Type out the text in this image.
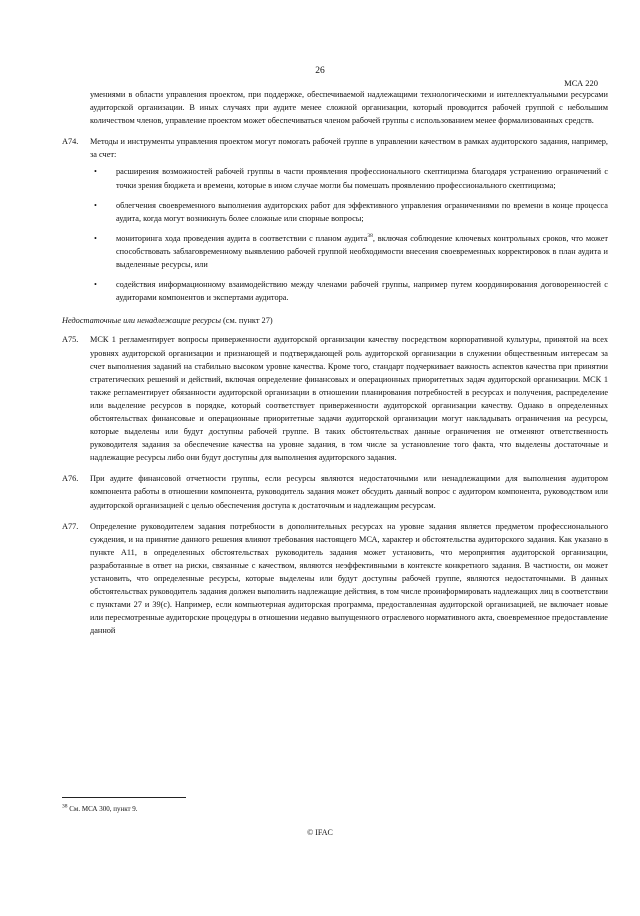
26
МСА 220

умениями в области управления проектом, при поддержке, обеспечиваемой надлежащими технологическими и интеллектуальными ресурсами аудиторской организации. В иных случаях при аудите менее сложной организации, который проводится рабочей группой с небольшим количеством членов, управление проектом может обеспечиваться членом рабочей группы с использованием менее формализованных средств.

A74. Методы и инструменты управления проектом могут помогать рабочей группе в управлении качеством в рамках аудиторского задания, например, за счет:

• расширения возможностей рабочей группы в части проявления профессионального скептицизма благодаря устранению ограничений с точки зрения бюджета и времени, которые в ином случае могли бы помешать проявлению профессионального скептицизма;

• облегчения своевременного выполнения аудиторских работ для эффективного управления ограничениями по времени в конце процесса аудита, когда могут возникнуть более сложные или спорные вопросы;

• мониторинга хода проведения аудита в соответствии с планом аудита$^{38}$, включая соблюдение ключевых контрольных сроков, что может способствовать заблаговременному выявлению рабочей группой необходимости внесения своевременных корректировок в план аудита и выделенные ресурсы, или

• содействия информационному взаимодействию между членами рабочей группы, например путем координирования договоренностей с аудиторами компонентов и экспертами аудитора.

Недостаточные или ненадлежащие ресурсы (см. пункт 27)
A75. МСК 1 регламентирует вопросы приверженности аудиторской организации качеству посредством корпоративной культуры, принятой на всех уровнях аудиторской организации и признающей и подтверждающей роль аудиторской организации в служении общественным интересам за счет выполнения заданий на стабильно высоком уровне качества. Кроме того, стандарт подчеркивает важность аспектов качества при принятии стратегических решений и действий, включая определение финансовых и операционных приоритетных задач аудиторской организации. МСК 1 также регламентирует обязанности аудиторской организации в отношении планирования потребностей в ресурсах и получения, распределение или выделение ресурсов в порядке, который соответствует приверженности аудиторской организации качеству. Однако в определенных обстоятельствах финансовые и операционные приоритетные задачи аудиторской организации могут накладывать ограничения на ресурсы, которые выделены или будут доступны рабочей группе. В таких обстоятельствах данные ограничения не отменяют ответственность руководителя задания за обеспечение качества на уровне задания, в том числе за установление того факта, что выделены достаточные и надлежащие ресурсы либо они будут доступны для выполнения аудиторского задания.

A76. При аудите финансовой отчетности группы, если ресурсы являются недостаточными или ненадлежащими для выполнения аудитором компонента работы в отношении компонента, руководитель задания может обсудить данный вопрос с аудитором компонента, руководством или аудиторской организацией с целью обеспечения доступа к достаточным и надлежащим ресурсам.

A77. Определение руководителем задания потребности в дополнительных ресурсах на уровне задания является предметом профессионального суждения, и на принятие данного решения влияют требования настоящего МСА, характер и обстоятельства аудиторского задания. Как указано в пункте A11, в определенных обстоятельствах руководитель задания может установить, что мероприятия аудиторской организации, разработанные в ответ на риски, связанные с качеством, являются неэффективными в контексте конкретного задания. В частности, он может установить, что определенные ресурсы, которые выделены или будут доступны рабочей группе, являются недостаточными. В данных обстоятельствах руководитель задания должен выполнить надлежащие действия, в том числе проинформировать надлежащих лиц в соответствии с пунктами 27 и 39(с). Например, если компьютерная аудиторская программа, предоставленная аудиторской организацией, не включает новые или пересмотренные аудиторские процедуры в отношении недавно выпущенного отраслевого нормативного акта, своевременное предоставление данной

$^{38}$ См. МСА 300, пункт 9.
© IFAC
